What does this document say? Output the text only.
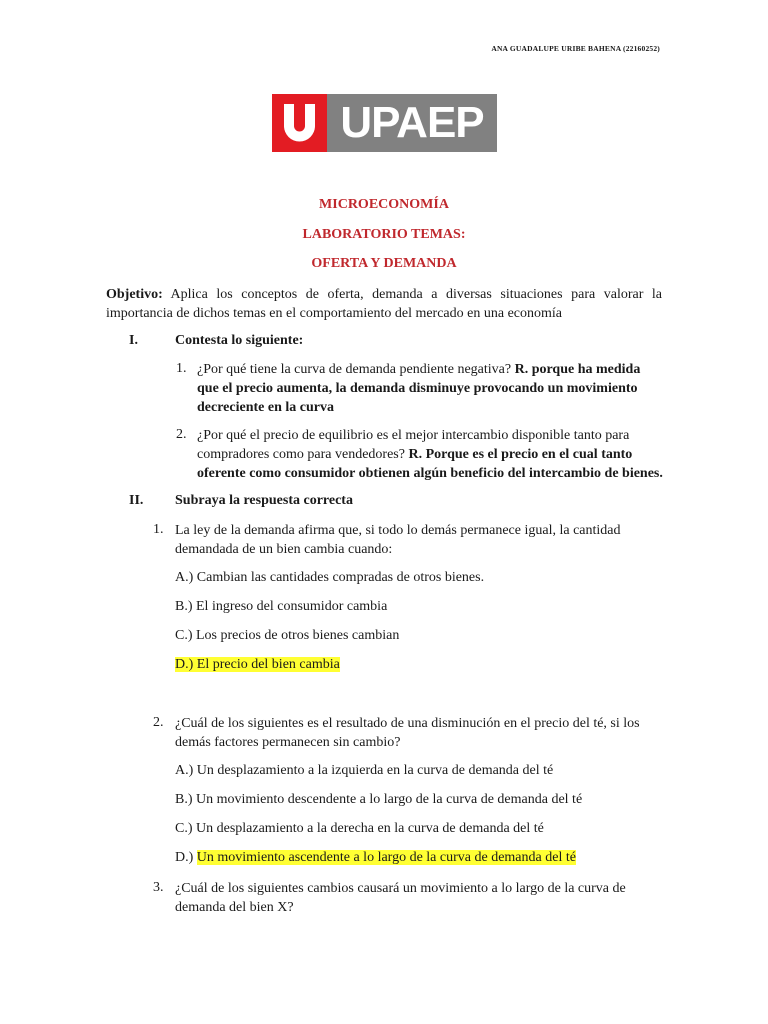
ANA GUADALUPE URIBE BAHENA (22160252)
UPAEP
MICROECONOMÍA
LABORATORIO TEMAS:
OFERTA Y DEMANDA
Objetivo: Aplica los conceptos de oferta, demanda a diversas situaciones para valorar la importancia de dichos temas en el comportamiento del mercado en una economía
I.	Contesta lo siguiente:
1. ¿Por qué tiene la curva de demanda pendiente negativa? R. porque ha medida que el precio aumenta, la demanda disminuye provocando un movimiento decreciente en la curva
2. ¿Por qué el precio de equilibrio es el mejor intercambio disponible tanto para compradores como para vendedores? R. Porque es el precio en el cual tanto oferente como consumidor obtienen algún beneficio del intercambio de bienes.
II. Subraya la respuesta correcta
1. La ley de la demanda afirma que, si todo lo demás permanece igual, la cantidad demandada de un bien cambia cuando:
A.) Cambian las cantidades compradas de otros bienes.
B.) El ingreso del consumidor cambia
C.) Los precios de otros bienes cambian
D.) El precio del bien cambia
2. ¿Cuál de los siguientes es el resultado de una disminución en el precio del té, si los demás factores permanecen sin cambio?
A.) Un desplazamiento a la izquierda en la curva de demanda del té
B.) Un movimiento descendente a lo largo de la curva de demanda del té
C.) Un desplazamiento a la derecha en la curva de demanda del té
D.) Un movimiento ascendente a lo largo de la curva de demanda del té
3. ¿Cuál de los siguientes cambios causará un movimiento a lo largo de la curva de demanda del bien X?
